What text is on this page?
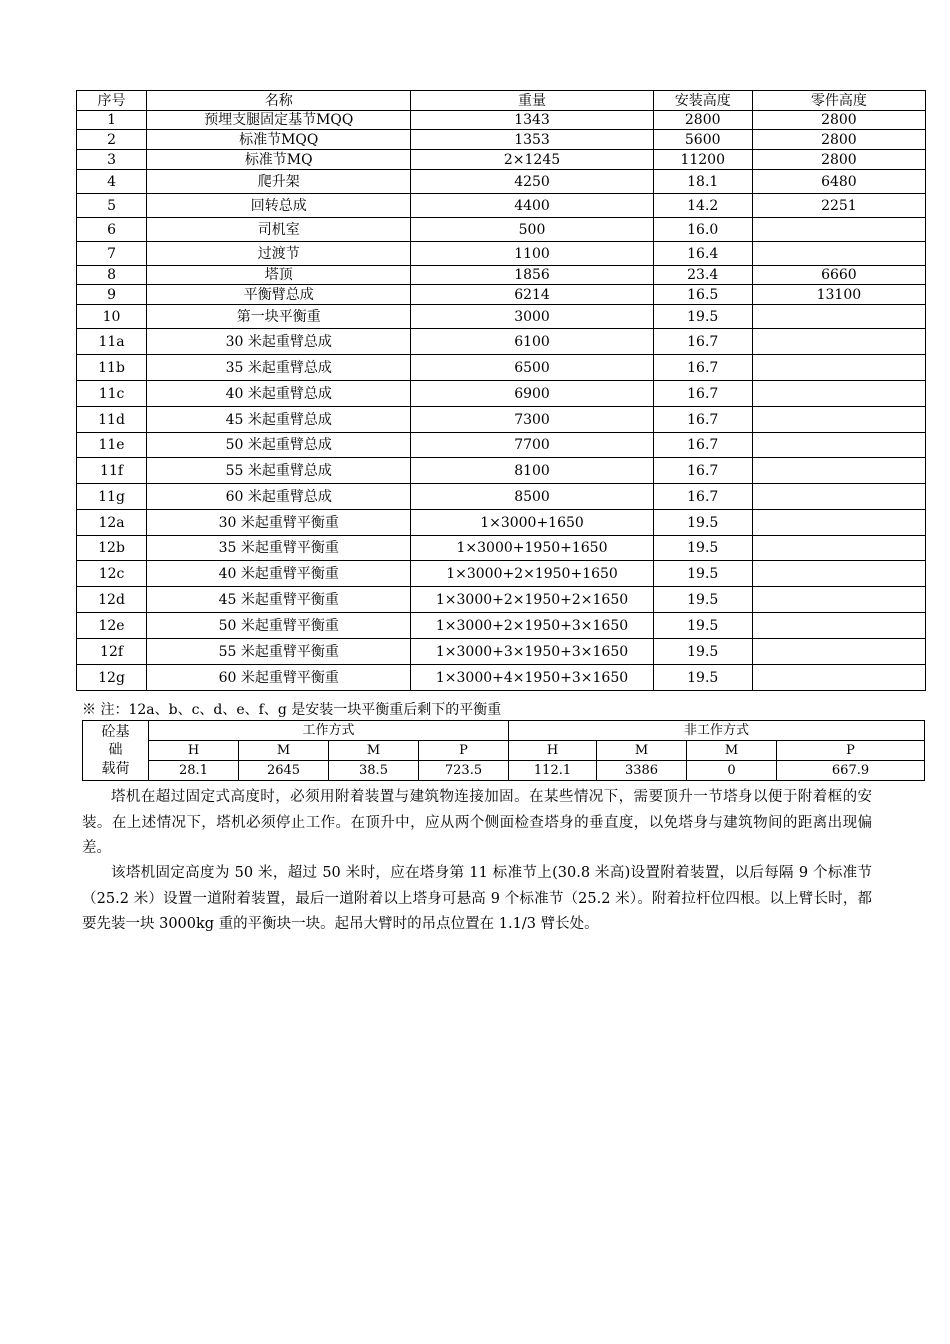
序号	名称	重量	安装高度	零件高度
1	预埋支腿固定基节MQQ	1343	2800	2800
2	标准节MQQ	1353	5600	2800
3	标准节MQ	2×1245	11200	2800
4	爬升架	4250	18.1	6480
5	回转总成	4400	14.2	2251
6	司机室	500	16.0	
7	过渡节	1100	16.4	
8	塔顶	1856	23.4	6660
9	平衡臂总成	6214	16.5	13100
10	第一块平衡重	3000	19.5	
11a	30 米起重臂总成	6100	16.7	
11b	35 米起重臂总成	6500	16.7	
11c	40 米起重臂总成	6900	16.7	
11d	45 米起重臂总成	7300	16.7	
11e	50 米起重臂总成	7700	16.7	
11f	55 米起重臂总成	8100	16.7	
11g	60 米起重臂总成	8500	16.7	
12a	30 米起重臂平衡重	1×3000+1650	19.5	
12b	35 米起重臂平衡重	1×3000+1950+1650	19.5	
12c	40 米起重臂平衡重	1×3000+2×1950+1650	19.5	
12d	45 米起重臂平衡重	1×3000+2×1950+2×1650	19.5	
12e	50 米起重臂平衡重	1×3000+2×1950+3×1650	19.5	
12f	55 米起重臂平衡重	1×3000+3×1950+3×1650	19.5	
12g	60 米起重臂平衡重	1×3000+4×1950+3×1650	19.5	
※ 注：12a、b、c、d、e、f、g 是安装一块平衡重后剩下的平衡重
砼基
础
载荷	工作方式				非工作方式			
	H	M	M	P	H	M	M	P
	28.1	2645	38.5	723.5	112.1	3386	0	667.9

塔机在超过固定式高度时，必须用附着装置与建筑物连接加固。在某些情况下，需要顶升一节塔身以便于附着框的安装。在上述情况下，塔机必须停止工作。在顶升中，应从两个侧面检查塔身的垂直度，以免塔身与建筑物间的距离出现偏差。

该塔机固定高度为 50 米，超过 50 米时，应在塔身第 11 标准节上(30.8 米高)设置附着装置，以后每隔 9 个标准节（25.2 米）设置一道附着装置，最后一道附着以上塔身可悬高 9 个标准节（25.2 米）。附着拉杆位四根。以上臂长时，都要先装一块 3000kg 重的平衡块一块。起吊大臂时的吊点位置在 1.1/3 臂长处。
